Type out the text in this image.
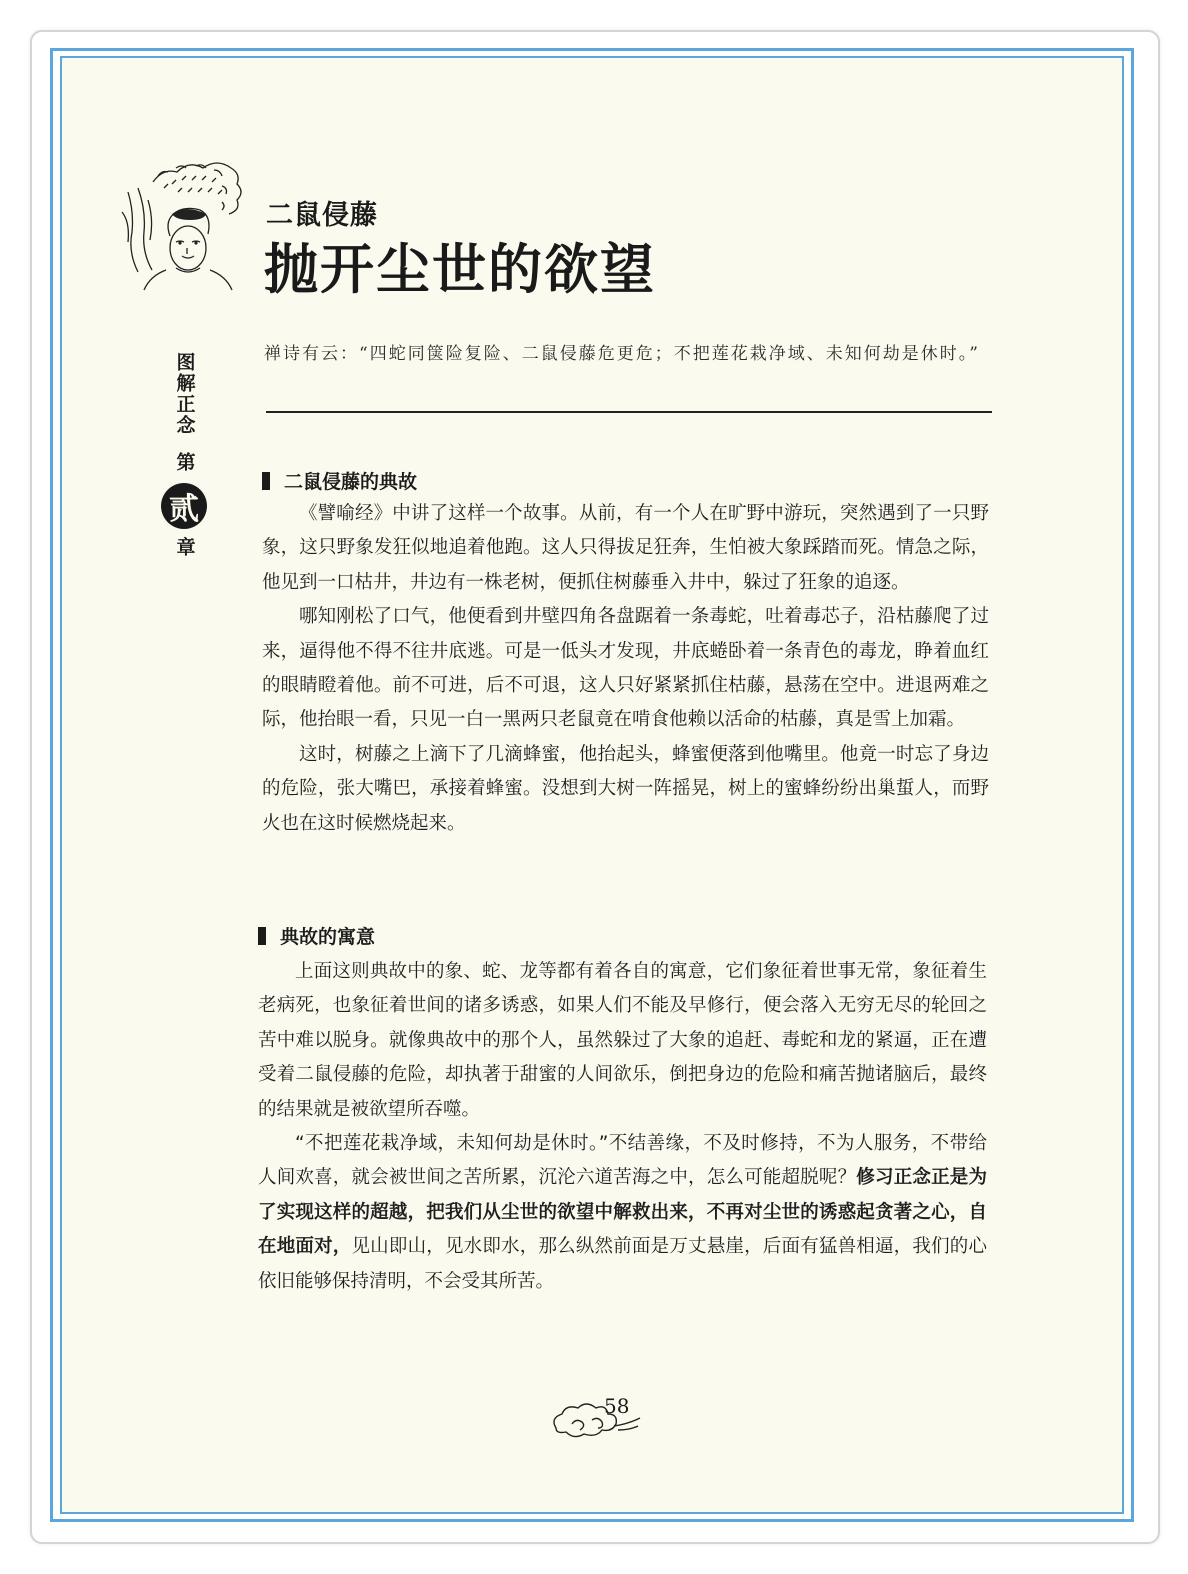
二鼠侵藤
抛开尘世的欲望
图解正念
第
贰
章

禅诗有云：“四蛇同箧险复险、二鼠侵藤危更危；不把莲花栽净域、未知何劫是休时。”

二鼠侵藤的典故

《譬喻经》中讲了这样一个故事。从前，有一个人在旷野中游玩，突然遇到了一只野象，这只野象发狂似地追着他跑。这人只得拔足狂奔，生怕被大象踩踏而死。情急之际，他见到一口枯井，井边有一株老树，便抓住树藤垂入井中，躲过了狂象的追逐。

哪知刚松了口气，他便看到井壁四角各盘踞着一条毒蛇，吐着毒芯子，沿枯藤爬了过来，逼得他不得不往井底逃。可是一低头才发现，井底蜷卧着一条青色的毒龙，睁着血红的眼睛瞪着他。前不可进，后不可退，这人只好紧紧抓住枯藤，悬荡在空中。进退两难之际，他抬眼一看，只见一白一黑两只老鼠竟在啃食他赖以活命的枯藤，真是雪上加霜。

这时，树藤之上滴下了几滴蜂蜜，他抬起头，蜂蜜便落到他嘴里。他竟一时忘了身边的危险，张大嘴巴，承接着蜂蜜。没想到大树一阵摇晃，树上的蜜蜂纷纷出巢蜇人，而野火也在这时候燃烧起来。

典故的寓意

上面这则典故中的象、蛇、龙等都有着各自的寓意，它们象征着世事无常，象征着生老病死，也象征着世间的诸多诱惑，如果人们不能及早修行，便会落入无穷无尽的轮回之苦中难以脱身。就像典故中的那个人，虽然躲过了大象的追赶、毒蛇和龙的紧逼，正在遭受着二鼠侵藤的危险，却执著于甜蜜的人间欲乐，倒把身边的危险和痛苦抛诸脑后，最终的结果就是被欲望所吞噬。

“不把莲花栽净域，未知何劫是休时。”不结善缘，不及时修持，不为人服务，不带给人间欢喜，就会被世间之苦所累，沉沦六道苦海之中，怎么可能超脱呢？修习正念正是为了实现这样的超越，把我们从尘世的欲望中解救出来，不再对尘世的诱惑起贪著之心，自在地面对，见山即山，见水即水，那么纵然前面是万丈悬崖，后面有猛兽相逼，我们的心依旧能够保持清明，不会受其所苦。

58
